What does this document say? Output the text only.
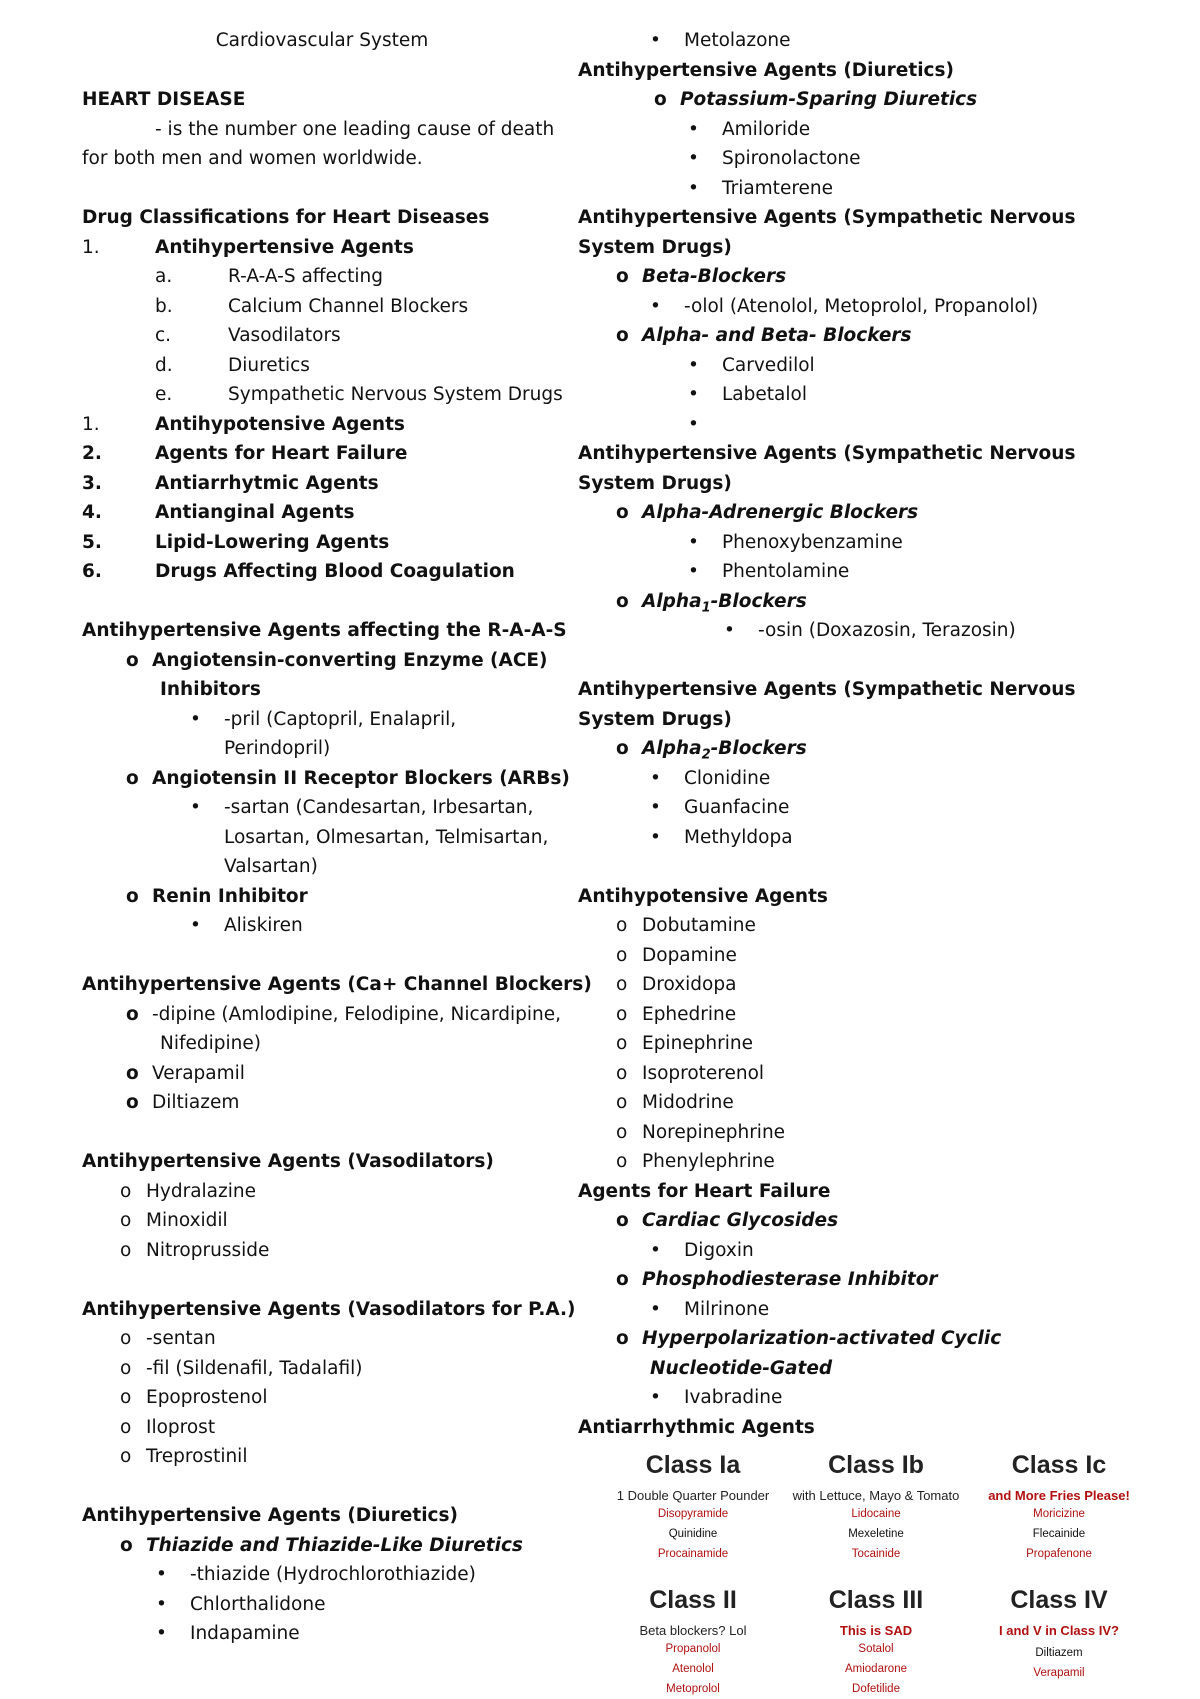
Cardiovascular System
HEART DISEASE
- is the number one leading cause of death
for both men and women worldwide.
Drug Classifications for Heart Diseases
1.	Antihypertensive Agents
a.	R-A-A-S affecting
b.	Calcium Channel Blockers
c.	Vasodilators
d.	Diuretics
e.	Sympathetic Nervous System Drugs
1.	Antihypotensive Agents
2.	Agents for Heart Failure
3.	Antiarrhytmic Agents
4.	Antianginal Agents
5.	Lipid-Lowering Agents
6.	Drugs Affecting Blood Coagulation
Antihypertensive Agents affecting the R-A-A-S
o Angiotensin-converting Enzyme (ACE)
Inhibitors
• -pril (Captopril, Enalapril,
Perindopril)
o Angiotensin II Receptor Blockers (ARBs)
• -sartan (Candesartan, Irbesartan,
Losartan, Olmesartan, Telmisartan,
Valsartan)
o Renin Inhibitor
• Aliskiren
Antihypertensive Agents (Ca+ Channel Blockers)
o -dipine (Amlodipine, Felodipine, Nicardipine,
Nifedipine)
o Verapamil
o Diltiazem
Antihypertensive Agents (Vasodilators)
o Hydralazine
o Minoxidil
o Nitroprusside
Antihypertensive Agents (Vasodilators for P.A.)
o -sentan
o -fil (Sildenafil, Tadalafil)
o Epoprostenol
o Iloprost
o Treprostinil
Antihypertensive Agents (Diuretics)
o Thiazide and Thiazide-Like Diuretics
• -thiazide (Hydrochlorothiazide)
• Chlorthalidone
• Indapamine
• Metolazone
Antihypertensive Agents (Diuretics)
o Potassium-Sparing Diuretics
• Amiloride
• Spironolactone
• Triamterene
Antihypertensive Agents (Sympathetic Nervous
System Drugs)
o Beta-Blockers
• -olol (Atenolol, Metoprolol, Propanolol)
o Alpha- and Beta- Blockers
• Carvedilol
• Labetalol
•
Antihypertensive Agents (Sympathetic Nervous
System Drugs)
o Alpha-Adrenergic Blockers
• Phenoxybenzamine
• Phentolamine
o Alpha$_1$-Blockers
• -osin (Doxazosin, Terazosin)
Antihypertensive Agents (Sympathetic Nervous
System Drugs)
o Alpha$_2$-Blockers
• Clonidine
• Guanfacine
• Methyldopa
Antihypotensive Agents
o Dobutamine
o Dopamine
o Droxidopa
o Ephedrine
o Epinephrine
o Isoproterenol
o Midodrine
o Norepinephrine
o Phenylephrine
Agents for Heart Failure
o Cardiac Glycosides
• Digoxin
o Phosphodiesterase Inhibitor
• Milrinone
o Hyperpolarization-activated Cyclic
Nucleotide-Gated
• Ivabradine
Antiarrhythmic Agents
Class Ia
1 Double Quarter Pounder
Disopyramide
Quinidine
Procainamide
Class Ib
with Lettuce, Mayo & Tomato
Lidocaine
Mexeletine
Tocainide
Class Ic
and More Fries Please!
Moricizine
Flecainide
Propafenone
Class II
Beta blockers? Lol
Propanolol
Atenolol
Metoprolol
Class III
This is SAD
Sotalol
Amiodarone
Dofetilide
Class IV
I and V in Class IV?
Diltiazem
Verapamil
